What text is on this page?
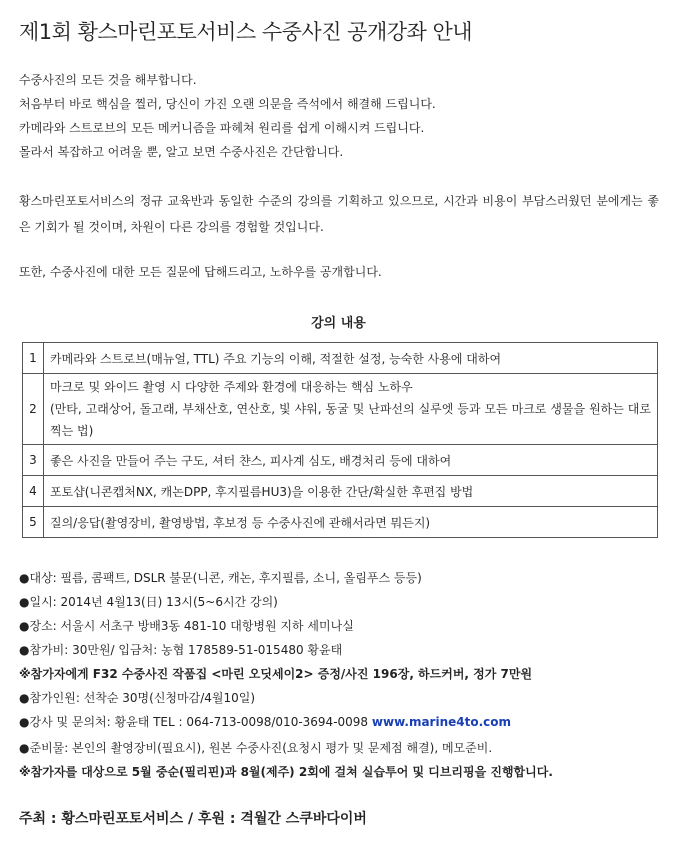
제1회 황스마린포토서비스 수중사진 공개강좌 안내
수중사진의 모든 것을 해부합니다.
처음부터 바로 핵심을 찔러, 당신이 가진 오랜 의문을 즉석에서 해결해 드립니다.
카메라와 스트로브의 모든 메커니즘을 파헤쳐 원리를 쉽게 이해시켜 드립니다.
몰라서 복잡하고 어려울 뿐, 알고 보면 수중사진은 간단합니다.
황스마린포토서비스의 정규 교육반과 동일한 수준의 강의를 기획하고 있으므로, 시간과 비용이 부담스러웠던 분에게는 좋은 기회가 될 것이며, 차원이 다른 강의를 경험할 것입니다.
또한, 수중사진에 대한 모든 질문에 답해드리고, 노하우를 공개합니다.
강의 내용
1	카메라와 스트로브(매뉴얼, TTL) 주요 기능의 이해, 적절한 설정, 능숙한 사용에 대하여
2	마크로 및 와이드 촬영 시 다양한 주제와 환경에 대응하는 핵심 노하우
(만타, 고래상어, 돌고래, 부채산호, 연산호, 빛 샤워, 동굴 및 난파선의 실루엣 등과 모든 마크로 생물을 원하는 대로 찍는 법)

3	좋은 사진을 만들어 주는 구도, 셔터 챤스, 피사계 심도, 배경처리 등에 대하여
4	포토샵(니콘캡처NX, 캐논DPP, 후지필름HU3)을 이용한 간단/확실한 후편집 방법
5	질의/응답(촬영장비, 촬영방법, 후보정 등 수중사진에 관해서라면 뭐든지)
●대상: 필름, 콤팩트, DSLR 불문(니콘, 캐논, 후지필름, 소니, 올림푸스 등등)
●일시: 2014년 4월13(日) 13시(5~6시간 강의)
●장소: 서울시 서초구 방배3동 481-10 대항병원 지하 세미나실
●참가비: 30만원/ 입금처: 농협 178589-51-015480 황윤태
※참가자에게 F32 수중사진 작품집 <마린 오딧세이2> 증정/사진 196장, 하드커버, 정가 7만원
●참가인원: 선착순 30명(신청마감/4월10일)
●강사 및 문의처: 황윤태 TEL : 064-713-0098/010-3694-0098 www.marine4to.com
●준비물: 본인의 촬영장비(필요시), 원본 수중사진(요청시 평가 및 문제점 해결), 메모준비.
※참가자를 대상으로 5월 중순(필리핀)과 8월(제주) 2회에 걸쳐 실습투어 및 디브리핑을 진행합니다.
주최 : 황스마린포토서비스 / 후원 : 격월간 스쿠바다이버
